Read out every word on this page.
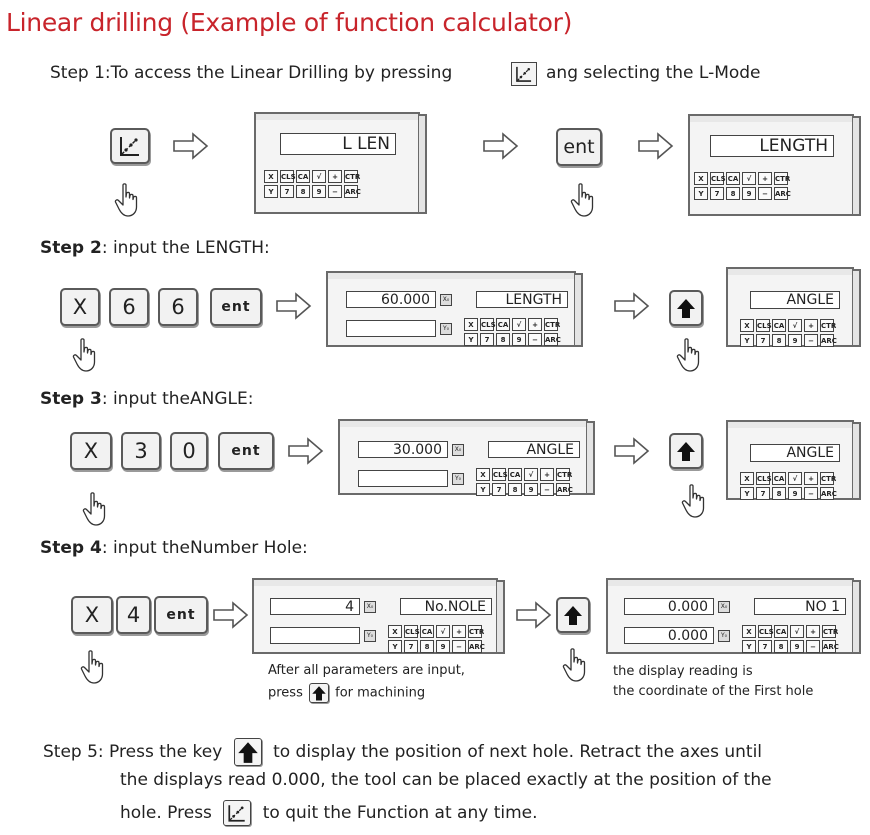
Linear drilling (Example of function calculator)
Step 1:To access the Linear Drilling by pressing	ang selecting the L-Mode
L LEN
X	CLS CA	√	+	CTR
Y	7	8	9	−	ARC
ent	LENGTH
X	CLS CA	√	+	CTR
Y	7	8	9	−	ARC
Step 2: input the LENGTH:
X	6	6	ent	60.000	X₀	LENGTH
Y₀	X	CLS CA	√	+	CTR
Y	7	8	9	−	ARC
ANGLE
X	CLS CA	√	+	CTR
Y	7	8	9	−	ARC
Step 3: input theANGLE:
X	3	0	ent	30.000	X₀	ANGLE
Y₀	X	CLS CA	√	+	CTR
Y	7	8	9	−	ARC
ANGLE
X	CLS CA	√	+	CTR
Y	7	8	9	−	ARC
Step 4: input theNumber Hole:
X	4	ent	4	X₀	No.NOLE
Y₀	X	CLS CA	√	+	CTR
Y	7	8	9	−	ARC
0.000	X₀	NO 1
0.000	Y₀	X	CLS CA	√	+	CTR
Y	7	8	9	−	ARC
After all parameters are input,
press for machining
the display reading is
the coordinate of the First hole
Step 5: Press the key	to display the position of next hole. Retract the axes until
the displays read 0.000, the tool can be placed exactly at the position of the
hole. Press	to quit the Function at any time.
